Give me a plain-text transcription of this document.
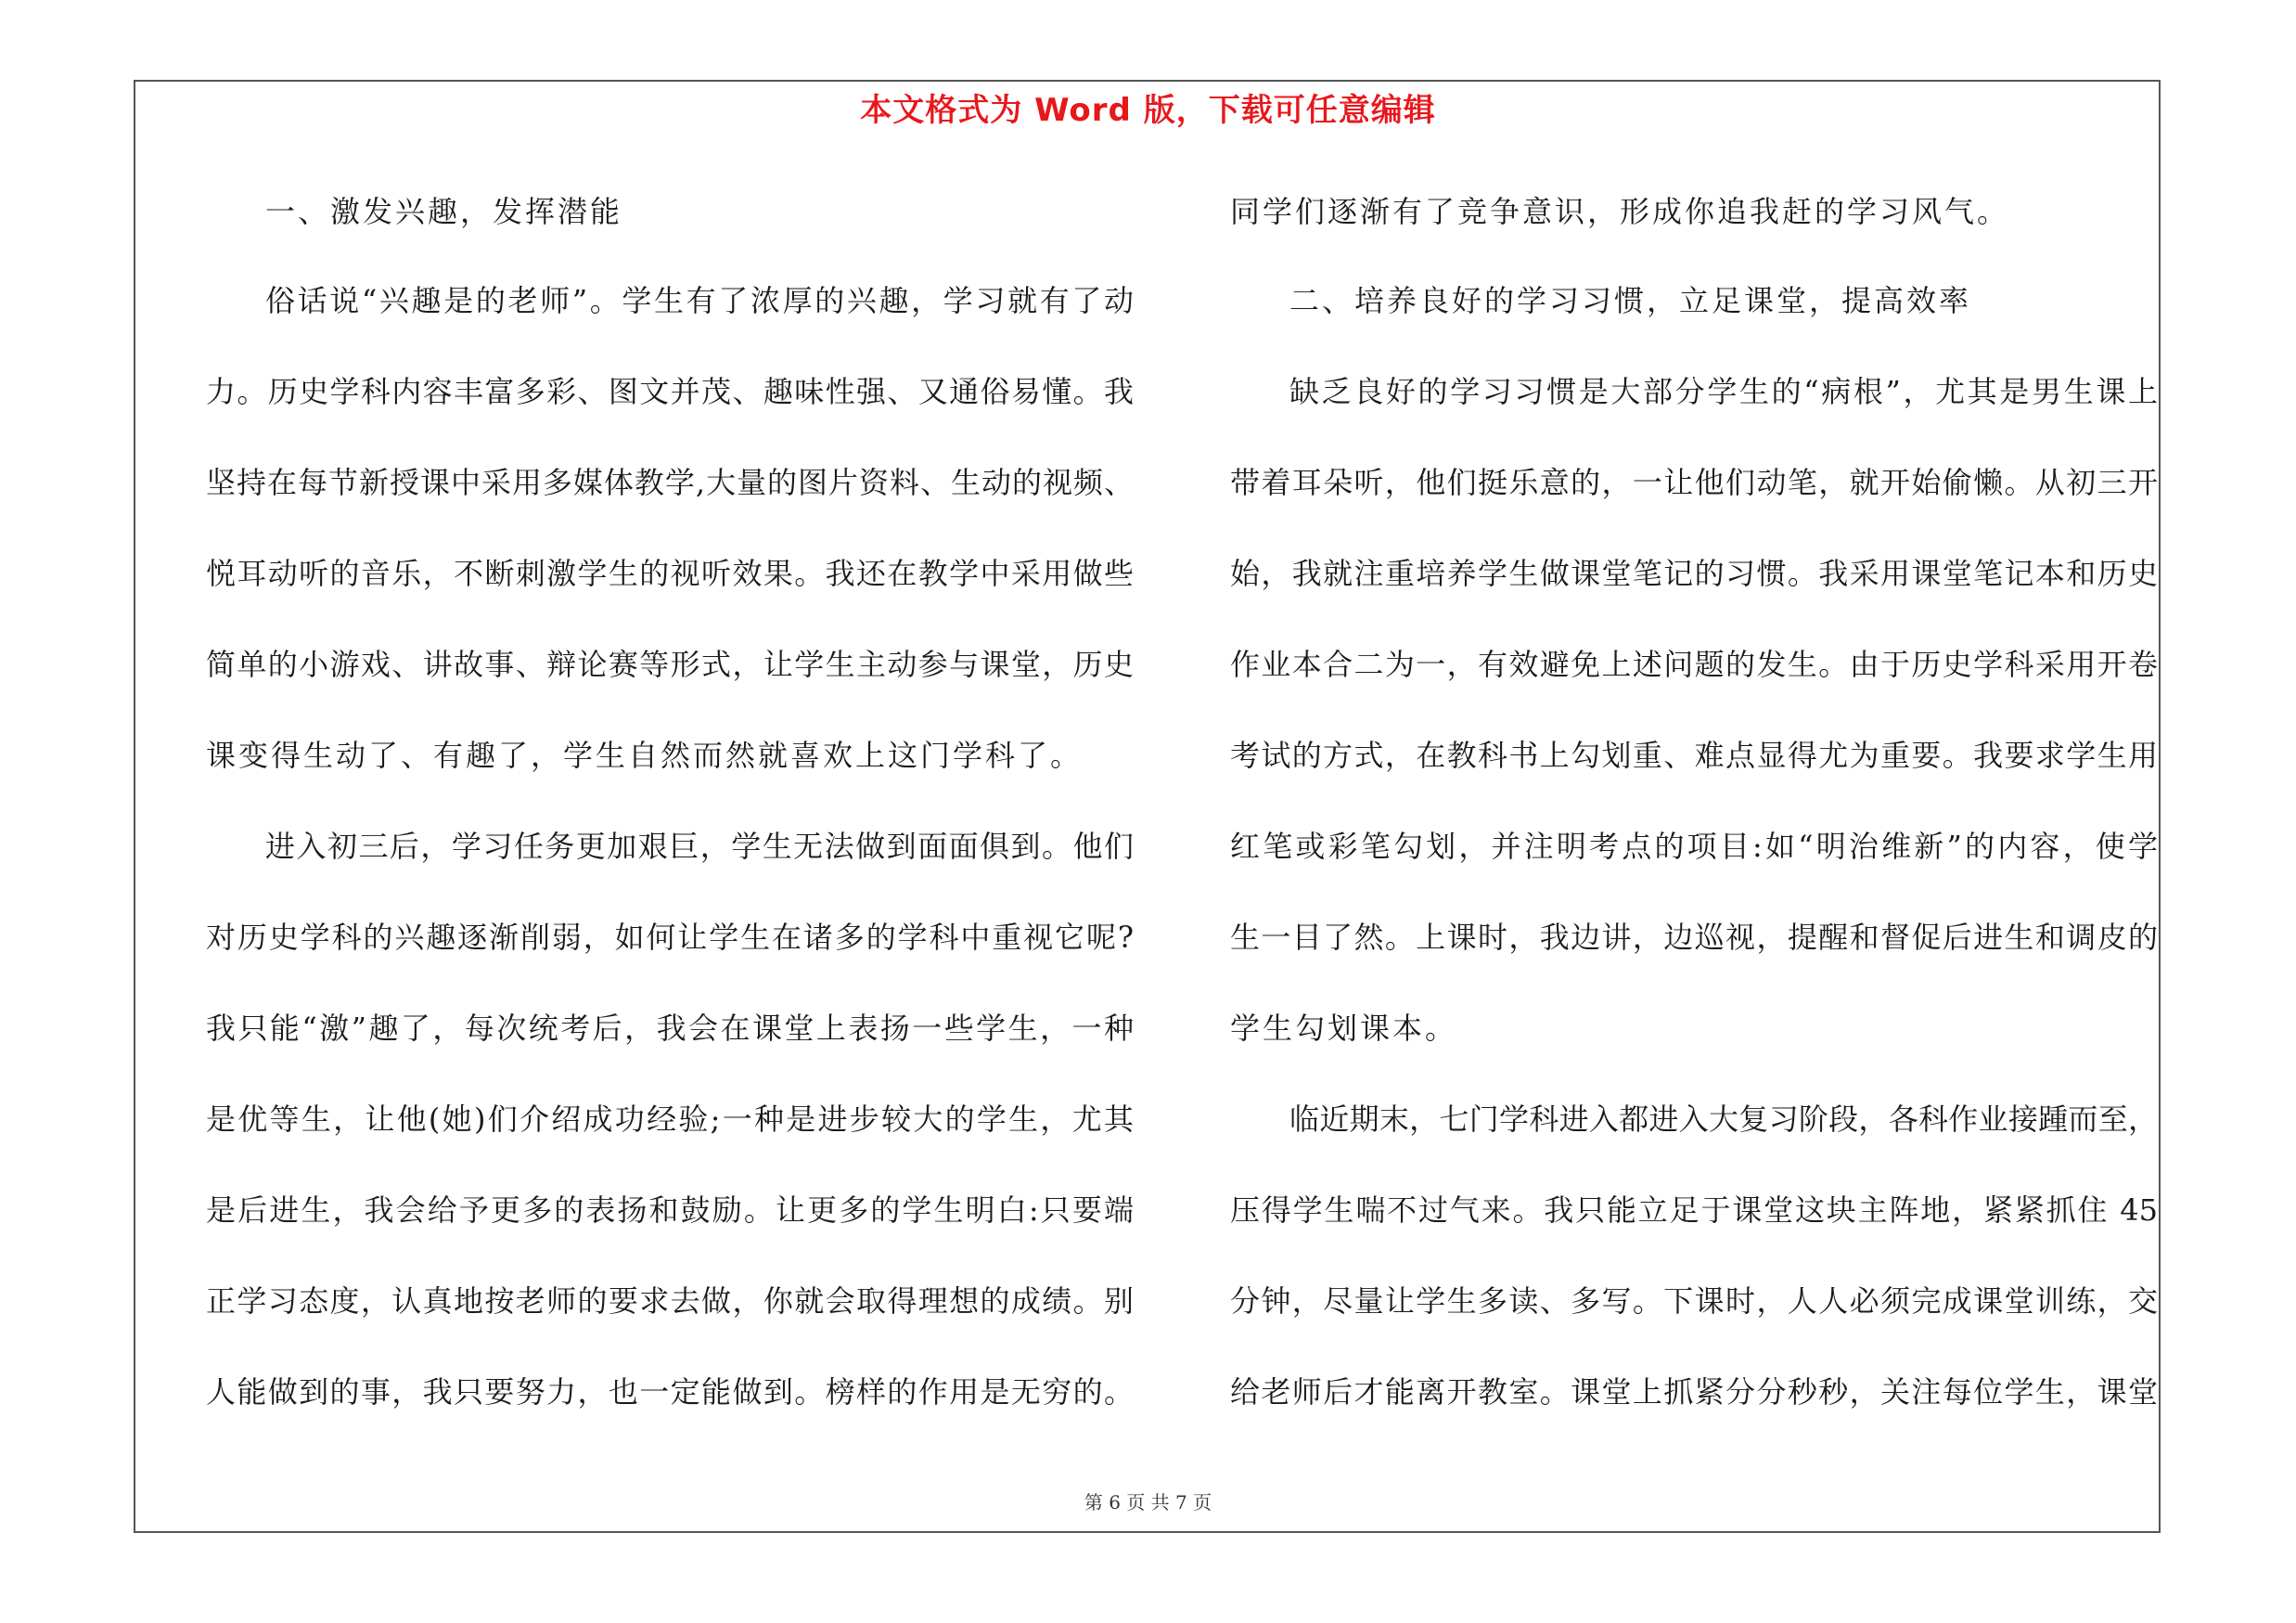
本文格式为 Word 版，下载可任意编辑
一、激发兴趣，发挥潜能
俗话说“兴趣是的老师”。学生有了浓厚的兴趣，学习就有了动
力。历史学科内容丰富多彩、图文并茂、趣味性强、又通俗易懂。我
坚持在每节新授课中采用多媒体教学,大量的图片资料、生动的视频、
悦耳动听的音乐，不断刺激学生的视听效果。我还在教学中采用做些
简单的小游戏、讲故事、辩论赛等形式，让学生主动参与课堂，历史
课变得生动了、有趣了，学生自然而然就喜欢上这门学科了。
进入初三后，学习任务更加艰巨，学生无法做到面面俱到。他们
对历史学科的兴趣逐渐削弱，如何让学生在诸多的学科中重视它呢?
我只能“激”趣了，每次统考后，我会在课堂上表扬一些学生，一种
是优等生，让他(她)们介绍成功经验;一种是进步较大的学生，尤其
是后进生，我会给予更多的表扬和鼓励。让更多的学生明白:只要端
正学习态度，认真地按老师的要求去做，你就会取得理想的成绩。别
人能做到的事，我只要努力，也一定能做到。榜样的作用是无穷的。
同学们逐渐有了竞争意识，形成你追我赶的学习风气。
二、培养良好的学习习惯，立足课堂，提高效率
缺乏良好的学习习惯是大部分学生的“病根”，尤其是男生课上
带着耳朵听，他们挺乐意的，一让他们动笔，就开始偷懒。从初三开
始，我就注重培养学生做课堂笔记的习惯。我采用课堂笔记本和历史
作业本合二为一，有效避免上述问题的发生。由于历史学科采用开卷
考试的方式，在教科书上勾划重、难点显得尤为重要。我要求学生用
红笔或彩笔勾划，并注明考点的项目:如“明治维新”的内容，使学
生一目了然。上课时，我边讲，边巡视，提醒和督促后进生和调皮的
学生勾划课本。
临近期末，七门学科进入都进入大复习阶段，各科作业接踵而至，
压得学生喘不过气来。我只能立足于课堂这块主阵地，紧紧抓住 45
分钟，尽量让学生多读、多写。下课时，人人必须完成课堂训练，交
给老师后才能离开教室。课堂上抓紧分分秒秒，关注每位学生，课堂
第 6 页 共 7 页
